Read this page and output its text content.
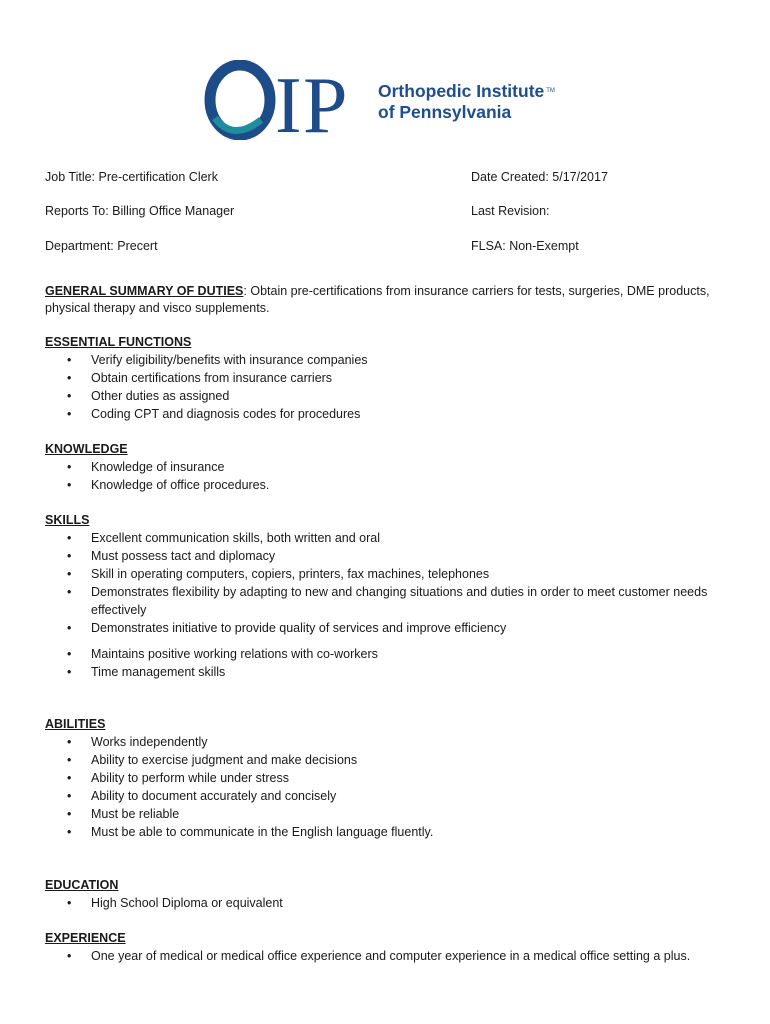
I P Orthopedic Institute ™
of Pennsylvania
Job Title: Pre-certification Clerk	Date Created: 5/17/2017
Reports To: Billing Office Manager	Last Revision:
Department: Precert	FLSA: Non-Exempt
GENERAL SUMMARY OF DUTIES: Obtain pre-certifications from insurance carriers for tests, surgeries, DME products, physical therapy and visco supplements.
ESSENTIAL FUNCTIONS
• Verify eligibility/benefits with insurance companies
• Obtain certifications from insurance carriers
• Other duties as assigned
• Coding CPT and diagnosis codes for procedures
KNOWLEDGE
• Knowledge of insurance
• Knowledge of office procedures.
SKILLS
• Excellent communication skills, both written and oral
• Must possess tact and diplomacy
• Skill in operating computers, copiers, printers, fax machines, telephones
• Demonstrates flexibility by adapting to new and changing situations and duties in order to meet customer needs effectively
• Demonstrates initiative to provide quality of services and improve efficiency
• Maintains positive working relations with co-workers
• Time management skills
ABILITIES
• Works independently
• Ability to exercise judgment and make decisions
• Ability to perform while under stress
• Ability to document accurately and concisely
• Must be reliable
• Must be able to communicate in the English language fluently.
EDUCATION
• High School Diploma or equivalent
EXPERIENCE
• One year of medical or medical office experience and computer experience in a medical office setting a plus.
